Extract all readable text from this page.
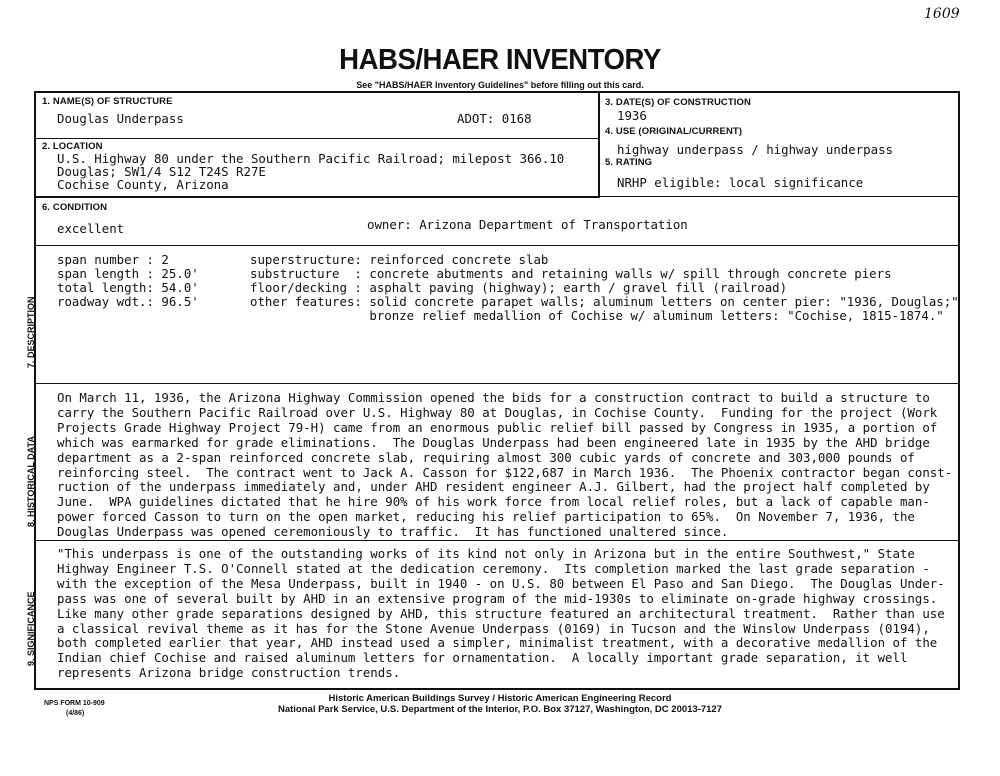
1609
HABS/HAER INVENTORY
See "HABS/HAER Inventory Guidelines" before filling out this card.
1. NAME(S) OF STRUCTURE
Douglas Underpass	ADOT: 0168
3. DATE(S) OF CONSTRUCTION
1936
4. USE (ORIGINAL/CURRENT)
highway underpass / highway underpass
5. RATING
NRHP eligible: local significance
2. LOCATION
U.S. Highway 80 under the Southern Pacific Railroad; milepost 366.10
Douglas; SW1/4 S12 T24S R27E
Cochise County, Arizona
6. CONDITION
excellent	owner: Arizona Department of Transportation
7. DESCRIPTION
span number : 2
span length : 25.0'
total length: 54.0'
roadway wdt.: 96.5'
superstructure: reinforced concrete slab
substructure  : concrete abutments and retaining walls w/ spill through concrete piers
floor/decking : asphalt paving (highway); earth / gravel fill (railroad)
other features: solid concrete parapet walls; aluminum letters on center pier: "1936, Douglas;"
bronze relief medallion of Cochise w/ aluminum letters: "Cochise, 1815-1874."
8. HISTORICAL DATA
On March 11, 1936, the Arizona Highway Commission opened the bids for a construction contract to build a structure to
carry the Southern Pacific Railroad over U.S. Highway 80 at Douglas, in Cochise County.  Funding for the project (Work
Projects Grade Highway Project 79-H) came from an enormous public relief bill passed by Congress in 1935, a portion of
which was earmarked for grade eliminations.  The Douglas Underpass had been engineered late in 1935 by the AHD bridge
department as a 2-span reinforced concrete slab, requiring almost 300 cubic yards of concrete and 303,000 pounds of
reinforcing steel.  The contract went to Jack A. Casson for $122,687 in March 1936.  The Phoenix contractor began const-
ruction of the underpass immediately and, under AHD resident engineer A.J. Gilbert, had the project half completed by
June.  WPA guidelines dictated that he hire 90% of his work force from local relief roles, but a lack of capable man-
power forced Casson to turn on the open market, reducing his relief participation to 65%.  On November 7, 1936, the
Douglas Underpass was opened ceremoniously to traffic.  It has functioned unaltered since.
9. SIGNIFICANCE
"This underpass is one of the outstanding works of its kind not only in Arizona but in the entire Southwest," State
Highway Engineer T.S. O'Connell stated at the dedication ceremony.  Its completion marked the last grade separation -
with the exception of the Mesa Underpass, built in 1940 - on U.S. 80 between El Paso and San Diego.  The Douglas Under-
pass was one of several built by AHD in an extensive program of the mid-1930s to eliminate on-grade highway crossings.
Like many other grade separations designed by AHD, this structure featured an architectural treatment.  Rather than use
a classical revival theme as it has for the Stone Avenue Underpass (0169) in Tucson and the Winslow Underpass (0194),
both completed earlier that year, AHD instead used a simpler, minimalist treatment, with a decorative medallion of the
Indian chief Cochise and raised aluminum letters for ornamentation.  A locally important grade separation, it well
represents Arizona bridge construction trends.
NPS FORM 10-909
(4/86)
Historic American Buildings Survey / Historic American Engineering Record
National Park Service, U.S. Department of the Interior, P.O. Box 37127, Washington, DC 20013-7127
